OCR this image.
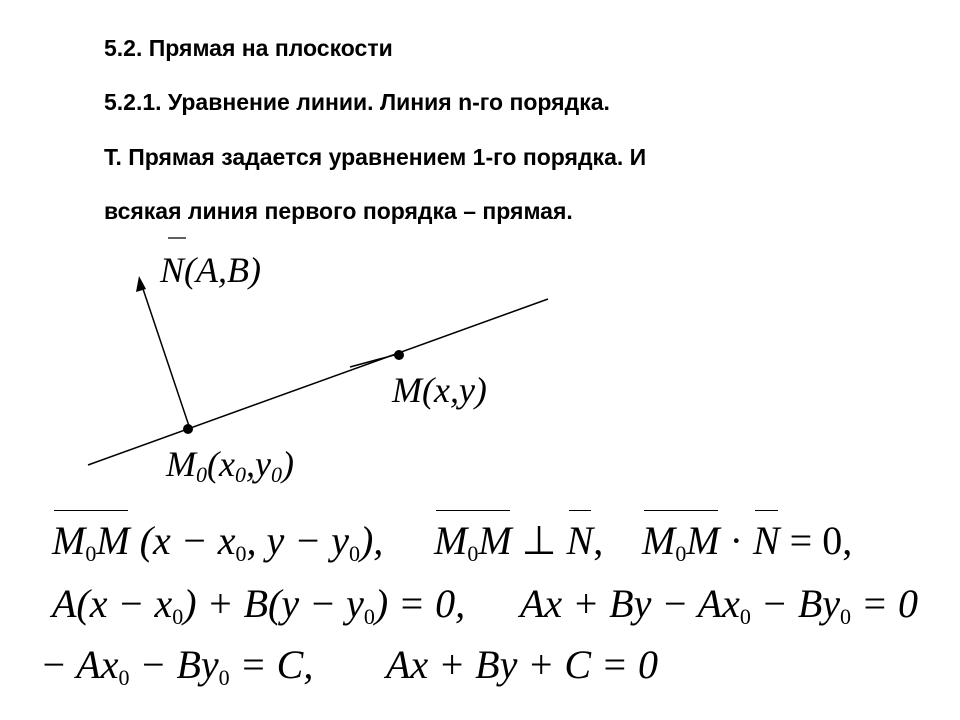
5.2. Прямая на плоскости
5.2.1. Уравнение линии. Линия n-го порядка.
Т. Прямая задается уравнением 1-го порядка. И
всякая линия первого порядка – прямая.
N(A,B)
M(x,y)
$M_0(x_0,y_0)$
$M_0M$ ($x - x_0$, $y - y_0$), $M_0M$ ⊥ N, $M_0M \cdot N = 0$,
$A(x - x_0) + B(y - y_0) = 0$, $Ax + By - Ax_0 - By_0 = 0$
− $Ax_0 - By_0 = C$, Ax + By + C = 0
